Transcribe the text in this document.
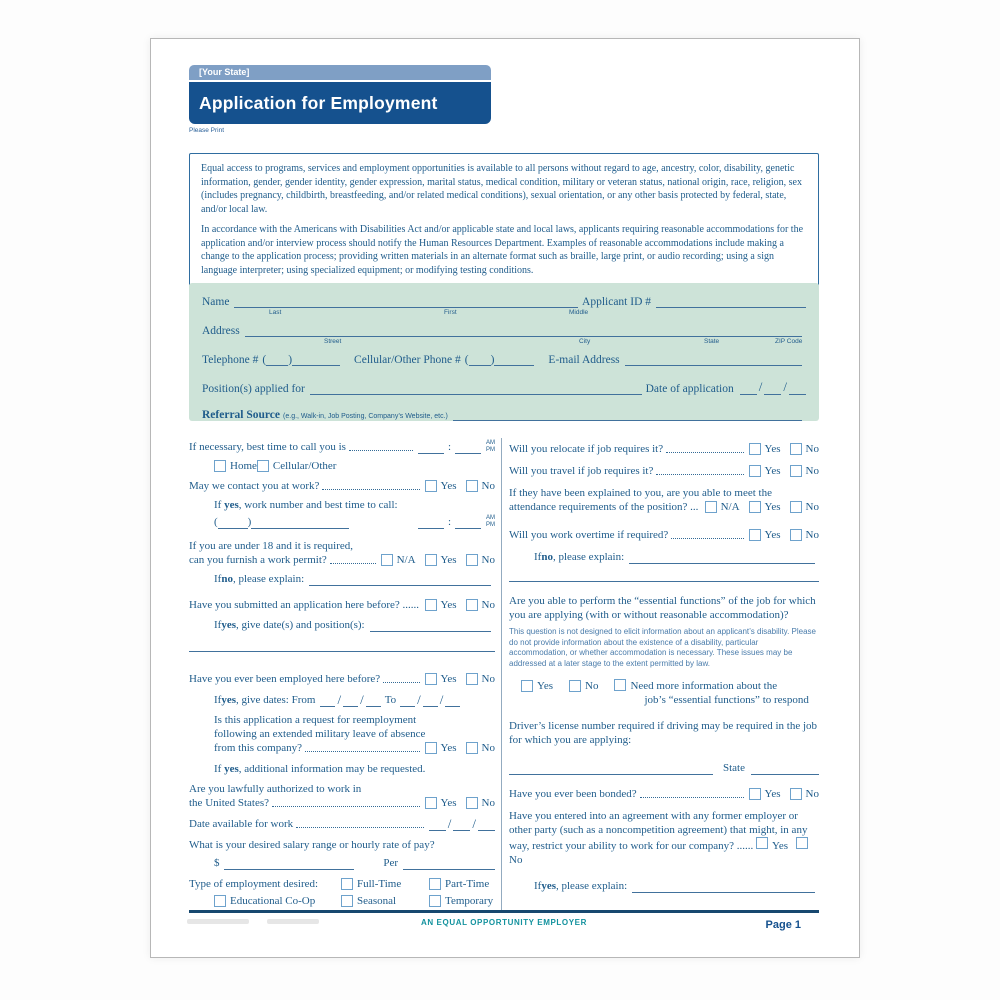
[Your State]
Application for Employment
Please Print

Equal access to programs, services and employment opportunities is available to all persons without regard to age, ancestry, color, disability, genetic information, gender, gender identity, gender expression, marital status, medical condition, military or veteran status, national origin, race, religion, sex (includes pregnancy, childbirth, breastfeeding, and/or related medical conditions), sexual orientation, or any other basis protected by federal, state, and/or local law.

In accordance with the Americans with Disabilities Act and/or applicable state and local laws, applicants requiring reasonable accommodations for the application and/or interview process should notify the Human Resources Department. Examples of reasonable accommodations include making a change to the application process; providing written materials in an alternate format such as braille, large print, or audio recording; using a sign language interpreter; using specialized equipment; or modifying testing conditions.

Name	Applicant ID #
Last	First	Middle
Address
Street	City	State	ZIP Code
Telephone # ( )	Cellular/Other Phone # ( )	E-mail Address
Position(s) applied for	Date of application / /
Referral Source (e.g., Walk-in, Job Posting, Company’s Website, etc.)
If necessary, best time to call you is	:	AM
PM
Home Cellular/Other
May we contact you at work?	Yes No
If yes, work number and best time to call:
(	)	:	AM
PM
If you are under 18 and it is required,
can you furnish a work permit?	N/A Yes No
If no , please explain:
Have you submitted an application here before? ...... Yes No
If yes , give date(s) and position(s):
Have you ever been employed here before?	Yes No
If yes , give dates: From / / To / /
Is this application a request for reemployment
following an extended military leave of absence
from this company?	Yes No
If yes, additional information may be requested.
Are you lawfully authorized to work in
the United States?	Yes No
Date available for work	/ /
What is your desired salary range or hourly rate of pay?
$	Per
Type of employment desired:	Full-Time	Part-Time
Educational Co-Op	Seasonal	Temporary
Will you relocate if job requires it?	Yes No
Will you travel if job requires it?	Yes No
If they have been explained to you, are you able to meet the
attendance requirements of the position? ... N/A Yes No
Will you work overtime if required?	Yes No
If no , please explain:
Are you able to perform the “essential functions” of the job for which you are applying (with or without reasonable accommodation)?
This question is not designed to elicit information about an applicant’s disability. Please do not provide information about the existence of a disability, particular accommodation, or whether accommodation is necessary. These issues may be addressed at a later stage to the extent permitted by law.
Yes	No	Need more information about the
job’s “essential functions” to respond
Driver’s license number required if driving may be required in the job for which you are applying:
State
Have you ever been bonded?	Yes No
Have you entered into an agreement with any former employer or other party (such as a noncompetition agreement) that might, in any way, restrict your ability to work for our company? ...... Yes No
If yes , please explain:
AN EQUAL OPPORTUNITY EMPLOYER	Page 1
